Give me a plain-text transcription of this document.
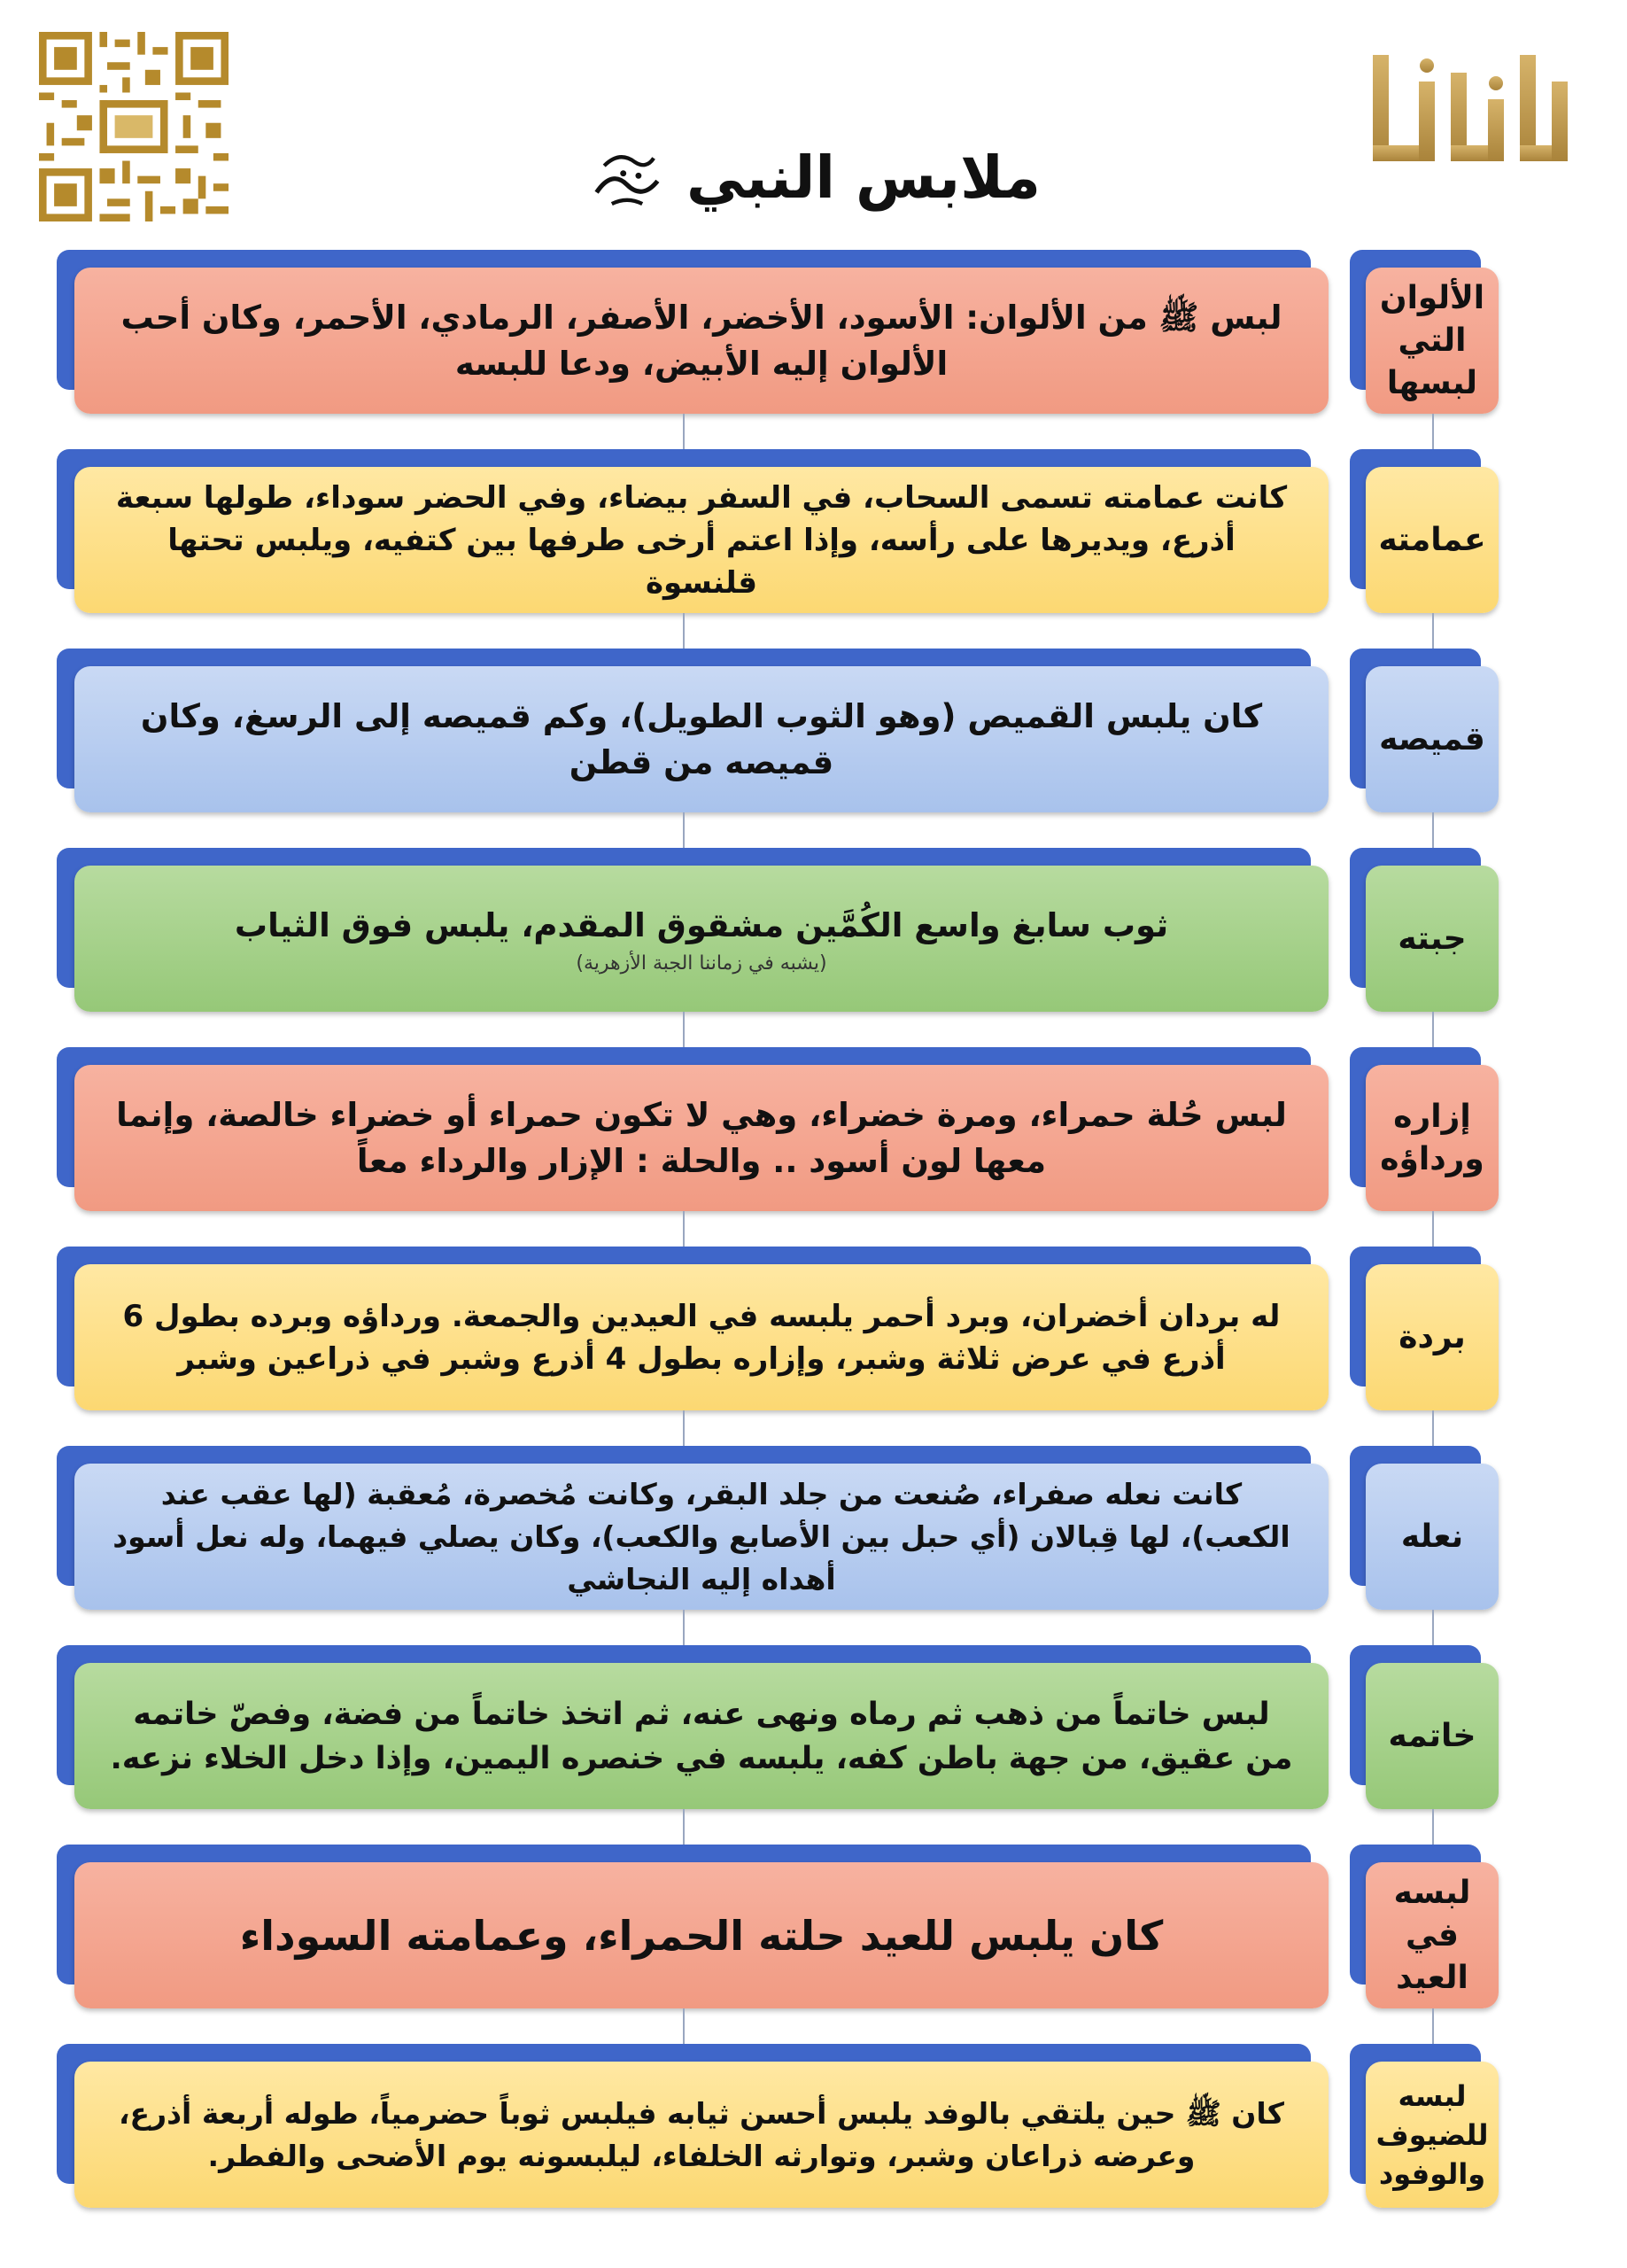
ملابس النبي
لبس ﷺ من الألوان: الأسود، الأخضر، الأصفر، الرمادي، الأحمر، وكان أحب الألوان إليه الأبيض، ودعا للبسه
الألوان التي لبسها
كانت عمامته تسمى السحاب، في السفر بيضاء، وفي الحضر سوداء، طولها سبعة أذرع، ويديرها على رأسه، وإذا اعتم أرخى طرفها بين كتفيه، ويلبس تحتها قلنسوة
عمامته
كان يلبس القميص (وهو الثوب الطويل)، وكم قميصه إلى الرسغ، وكان قميصه من قطن
قميصه
ثوب سابغ واسع الكُمَّين مشقوق المقدم، يلبس فوق الثياب
(يشبه في زماننا الجبة الأزهرية)
جبته
لبس حُلة حمراء، ومرة خضراء، وهي لا تكون حمراء أو خضراء خالصة، وإنما معها لون أسود .. والحلة : الإزار والرداء معاً
إزاره ورداؤه
له بردان أخضران، وبرد أحمر يلبسه في العيدين والجمعة. ورداؤه وبرده بطول 6 أذرع في عرض ثلاثة وشبر، وإزاره بطول 4 أذرع وشبر في ذراعين وشبر
بردة
كانت نعله صفراء، صُنعت من جلد البقر، وكانت مُخصرة، مُعقبة (لها عقب عند الكعب)، لها قِبالان (أي حبل بين الأصابع والكعب)، وكان يصلي فيهما، وله نعل أسود أهداه إليه النجاشي
نعله
لبس خاتماً من ذهب ثم رماه ونهى عنه، ثم اتخذ خاتماً من فضة، وفصّ خاتمه من عقيق، من جهة باطن كفه، يلبسه في خنصره اليمين، وإذا دخل الخلاء نزعه.
خاتمه
كان يلبس للعيد حلته الحمراء، وعمامته السوداء
لبسه في العيد
كان ﷺ حين يلتقي بالوفد يلبس أحسن ثيابه فيلبس ثوباً حضرمياً، طوله أربعة أذرع، وعرضه ذراعان وشبر، وتوارثه الخلفاء، ليلبسونه يوم الأضحى والفطر.
لبسه للضيوف والوفود
